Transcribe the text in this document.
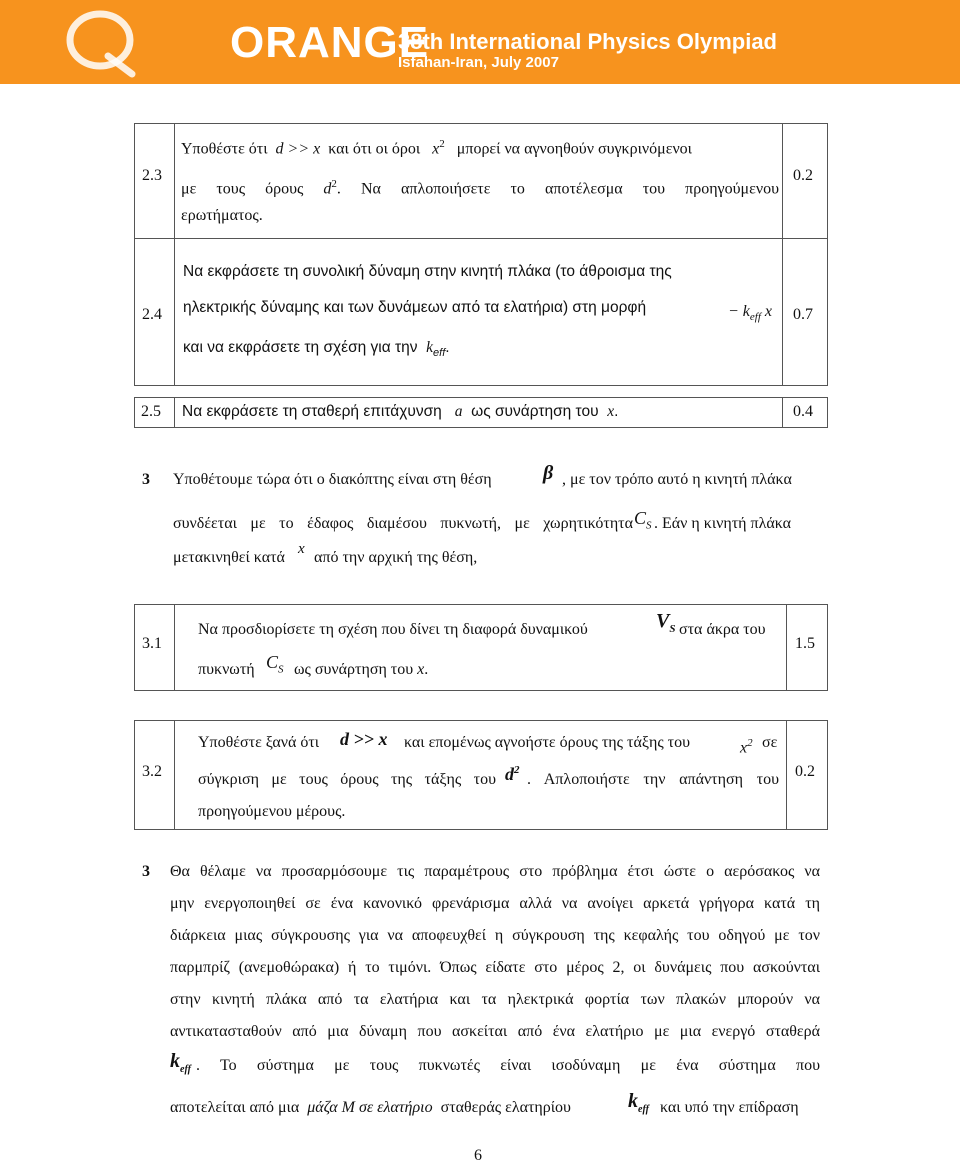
ORANGE
38th International Physics Olympiad
Isfahan-Iran, July 2007
2.3	0.2
Υποθέστε ότι d >> x και ότι οι όροι $x^2$ μπορεί να αγνοηθούν συγκρινόμενοι
με τους όρους $d^2$. Να απλοποιήσετε το αποτέλεσμα του προηγούμενου
ερωτήματος.
2.4	0.7
Να εκφράσετε τη συνολική δύναμη στην κινητή πλάκα (το άθροισμα της
ηλεκτρικής δύναμης και των δυνάμεων από τα ελατήρια) στη μορφή	− $k_{eff}$ x
και να εκφράσετε τη σχέση για την $k_{eff}$.
2.5	0.4
Να εκφράσετε τη σταθερή επιτάχυνση a ως συνάρτηση του x.
3 Υποθέτουμε τώρα ότι ο διακόπτης είναι στη θέση	β , με τον τρόπο αυτό η κινητή πλάκα
συνδέεται με το έδαφος διαμέσου πυκνωτή, με χωρητικότητα $C_S$ . Εάν η κινητή πλάκα
μετακινηθεί κατά x από την αρχική της θέση,
3.1	1.5
Να προσδιορίσετε τη σχέση που δίνει τη διαφορά δυναμικού	$V_S$ στα άκρα του
πυκνωτή $C_S$ ως συνάρτηση του x.
3.2	0.2
Υποθέστε ξανά ότι d >> x και επομένως αγνοήστε όρους της τάξης του	$x^2$ σε
σύγκριση με τους όρους της τάξης του $d^2$
. Απλοποιήστε την απάντηση του
προηγούμενου μέρους.
3 Θα θέλαμε να προσαρμόσουμε τις παραμέτρους στο πρόβλημα έτσι ώστε ο αερόσακος να
μην ενεργοποιηθεί σε ένα κανονικό φρενάρισμα αλλά να ανοίγει αρκετά γρήγορα κατά τη
διάρκεια μιας σύγκρουσης για να αποφευχθεί η σύγκρουση της κεφαλής του οδηγού με τον
παρμπρίζ (ανεμοθώρακα) ή το τιμόνι. Όπως είδατε στο μέρος 2, οι δυνάμεις που ασκούνται
στην κινητή πλάκα από τα ελατήρια και τα ηλεκτρικά φορτία των πλακών μπορούν να
αντικατασταθούν από μια δύναμη που ασκείται από ένα ελατήριο με μια ενεργό σταθερά
$k_{eff}$ . Το σύστημα με τους πυκνωτές είναι ισοδύναμη με ένα σύστημα που
αποτελείται από μια μάζα Μ σε ελατήριο σταθεράς ελατηρίου	$k_{eff}$ και υπό την επίδραση
6
